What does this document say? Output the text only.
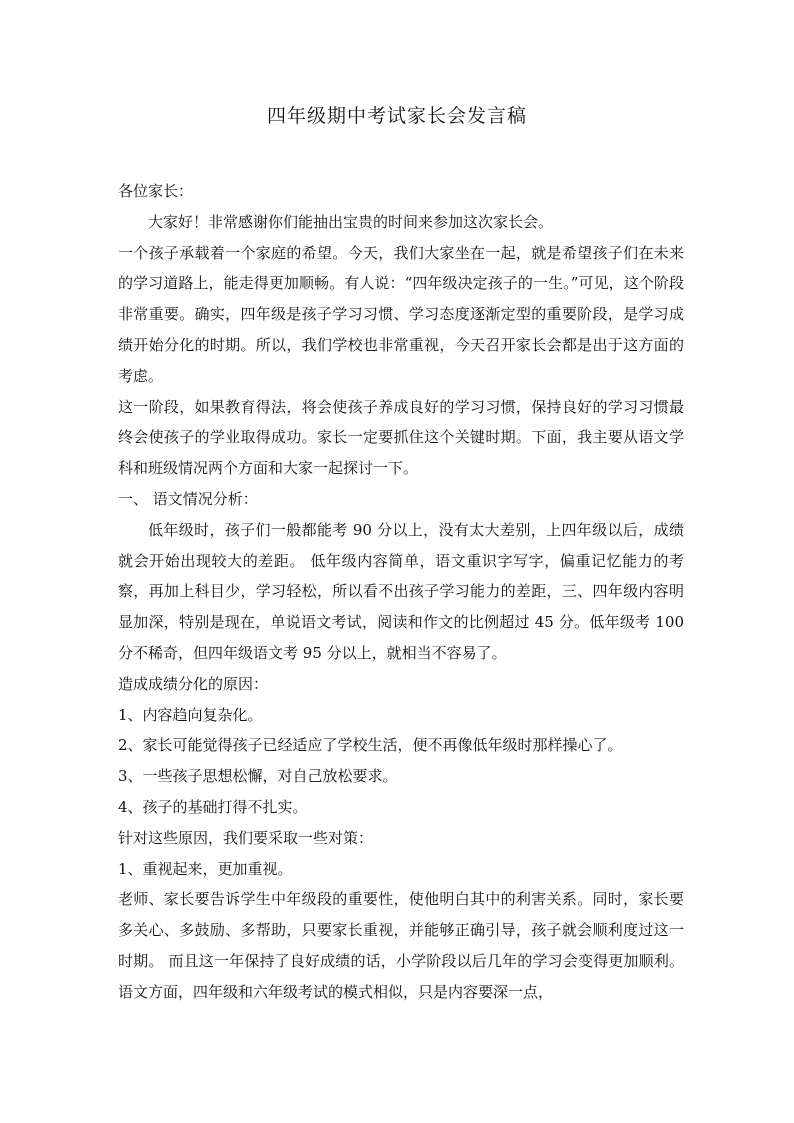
四年级期中考试家长会发言稿

各位家长：

大家好！非常感谢你们能抽出宝贵的时间来参加这次家长会。

一个孩子承载着一个家庭的希望。今天，我们大家坐在一起，就是希望孩子们在未来的学习道路上，能走得更加顺畅。有人说：“四年级决定孩子的一生。”可见，这个阶段非常重要。确实，四年级是孩子学习习惯、学习态度逐渐定型的重要阶段，是学习成绩开始分化的时期。所以，我们学校也非常重视，今天召开家长会都是出于这方面的考虑。

这一阶段，如果教育得法，将会使孩子养成良好的学习习惯，保持良好的学习习惯最终会使孩子的学业取得成功。家长一定要抓住这个关键时期。下面，我主要从语文学科和班级情况两个方面和大家一起探讨一下。

一、 语文情况分析：

低年级时，孩子们一般都能考 90 分以上，没有太大差别，上四年级以后，成绩就会开始出现较大的差距。 低年级内容简单，语文重识字写字，偏重记忆能力的考察，再加上科目少，学习轻松，所以看不出孩子学习能力的差距，三、四年级内容明显加深，特别是现在，单说语文考试，阅读和作文的比例超过 45 分。低年级考 100 分不稀奇，但四年级语文考 95 分以上，就相当不容易了。

造成成绩分化的原因：

1、内容趋向复杂化。

2、家长可能觉得孩子已经适应了学校生活，便不再像低年级时那样操心了。

3、一些孩子思想松懈，对自己放松要求。

4、孩子的基础打得不扎实。

针对这些原因，我们要采取一些对策：

1、重视起来，更加重视。

老师、家长要告诉学生中年级段的重要性，使他明白其中的利害关系。同时，家长要多关心、多鼓励、多帮助，只要家长重视，并能够正确引导，孩子就会顺利度过这一时期。 而且这一年保持了良好成绩的话，小学阶段以后几年的学习会变得更加顺利。语文方面，四年级和六年级考试的模式相似，只是内容要深一点，
